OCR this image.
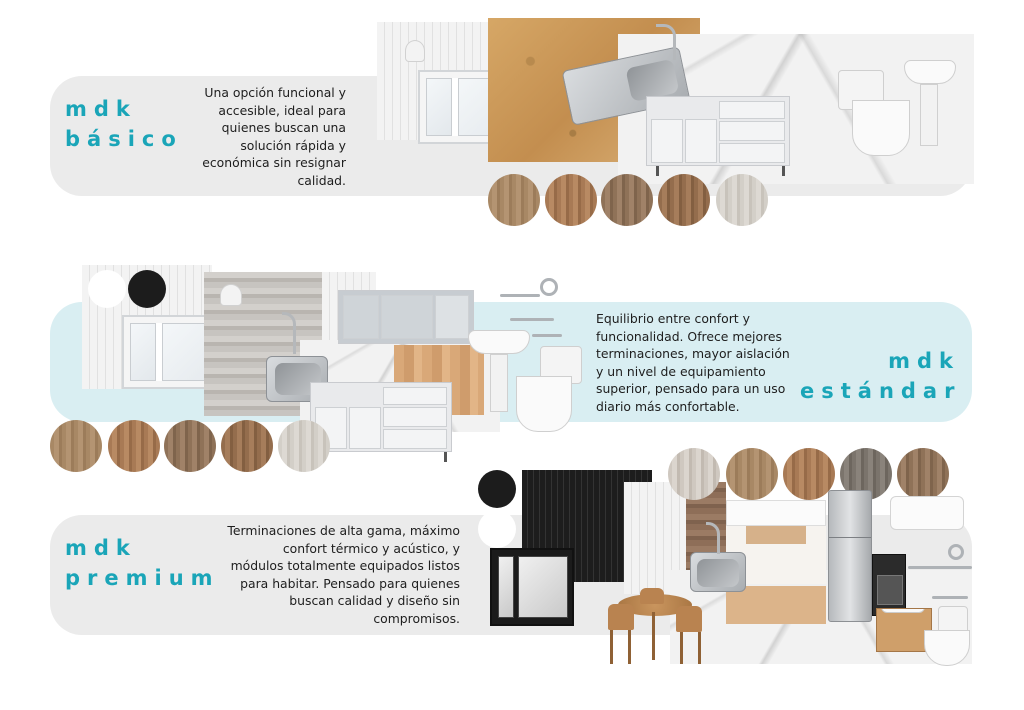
mdk
básico
Una opción funcional y
accesible, ideal para
quienes buscan una
solución rápida y
económica sin resignar
calidad.
mdk
estándar
Equilibrio entre confort y
funcionalidad. Ofrece mejores
terminaciones, mayor aislación
y un nivel de equipamiento
superior, pensado para un uso
diario más confortable.
mdk
premium
Terminaciones de alta gama, máximo
confort térmico y acústico, y
módulos totalmente equipados listos
para habitar. Pensado para quienes
buscan calidad y diseño sin
compromisos.
